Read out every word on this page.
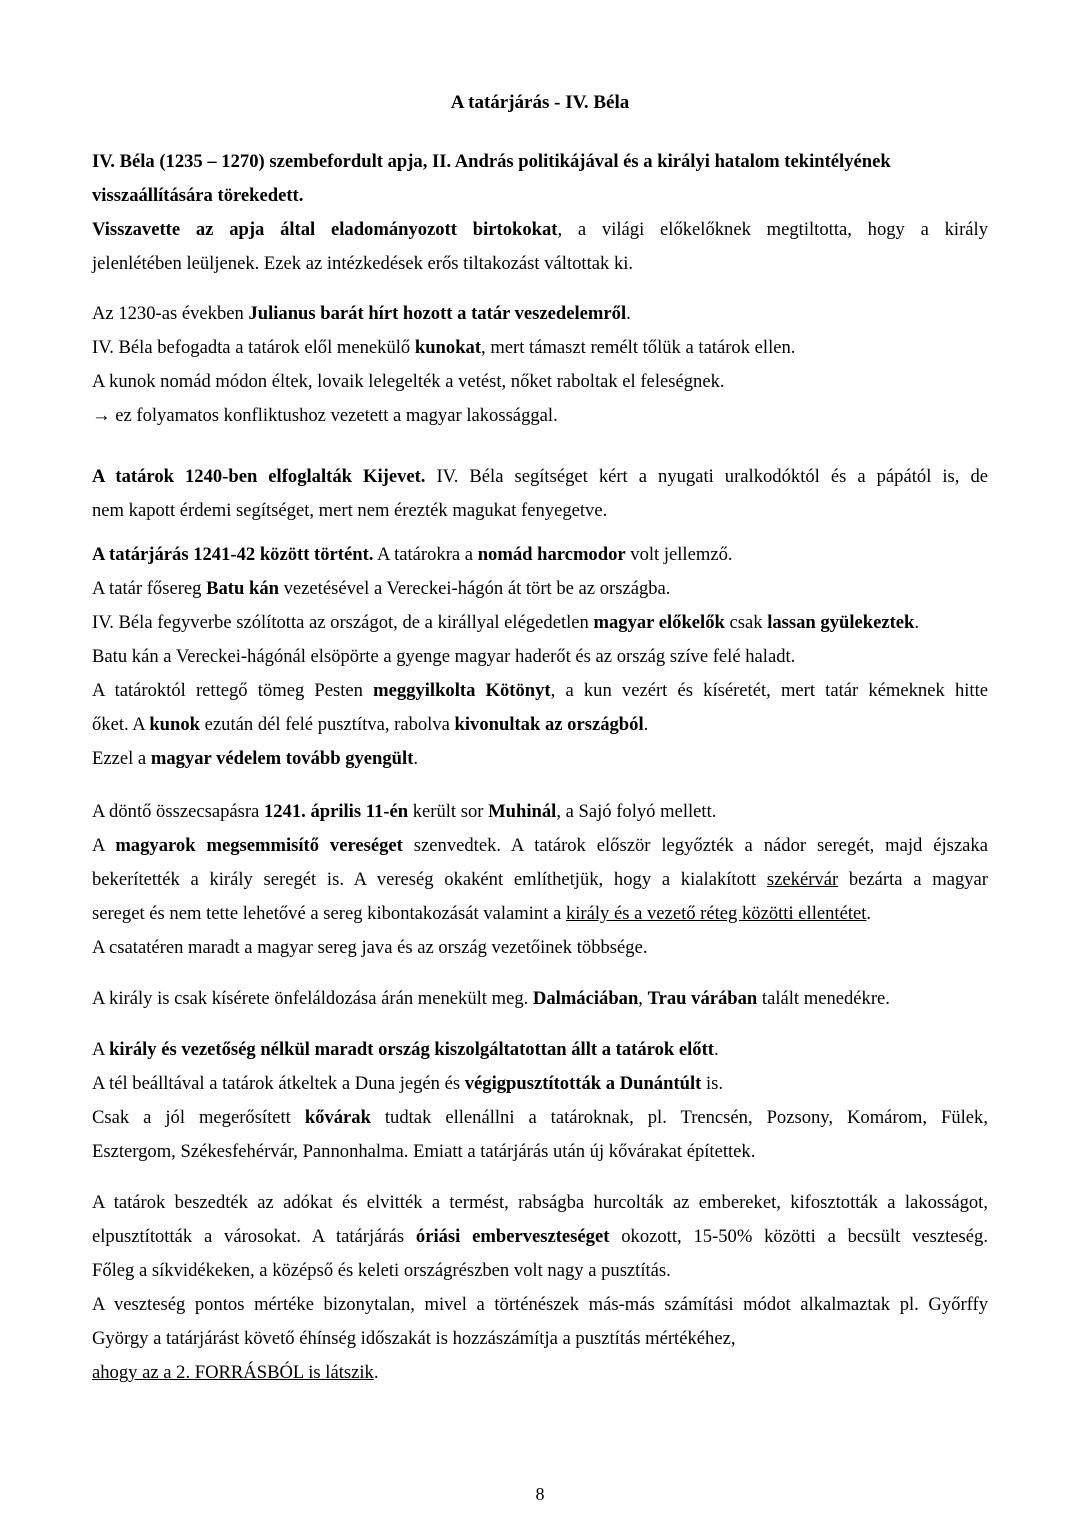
A tatárjárás - IV. Béla
IV. Béla (1235 – 1270) szembefordult apja, II. András politikájával és a királyi hatalom tekintélyének
visszaállítására törekedett.
Visszavette az apja által eladományozott birtokokat, a világi előkelőknek megtiltotta, hogy a király
jelenlétében leüljenek. Ezek az intézkedések erős tiltakozást váltottak ki.
Az 1230-as években Julianus barát hírt hozott a tatár veszedelemről.
IV. Béla befogadta a tatárok elől menekülő kunokat, mert támaszt remélt tőlük a tatárok ellen.
A kunok nomád módon éltek, lovaik lelegelték a vetést, nőket raboltak el feleségnek.
→ ez folyamatos konfliktushoz vezetett a magyar lakossággal.
A tatárok 1240-ben elfoglalták Kijevet. IV. Béla segítséget kért a nyugati uralkodóktól és a pápától is, de
nem kapott érdemi segítséget, mert nem érezték magukat fenyegetve.
A tatárjárás 1241-42 között történt. A tatárokra a nomád harcmodor volt jellemző.
A tatár fősereg Batu kán vezetésével a Vereckei-hágón át tört be az országba.
IV. Béla fegyverbe szólította az országot, de a királlyal elégedetlen magyar előkelők csak lassan gyülekeztek.
Batu kán a Vereckei-hágónál elsöpörte a gyenge magyar haderőt és az ország szíve felé haladt.
A tatároktól rettegő tömeg Pesten meggyilkolta Kötönyt, a kun vezért és kíséretét, mert tatár kémeknek hitte
őket. A kunok ezután dél felé pusztítva, rabolva kivonultak az országból.
Ezzel a magyar védelem tovább gyengült.
A döntő összecsapásra 1241. április 11-én került sor Muhinál, a Sajó folyó mellett.
A magyarok megsemmisítő vereséget szenvedtek. A tatárok először legyőzték a nádor seregét, majd éjszaka
bekerítették a király seregét is. A vereség okaként említhetjük, hogy a kialakított szekérvár bezárta a magyar
sereget és nem tette lehetővé a sereg kibontakozását valamint a király és a vezető réteg közötti ellentétet.
A csatatéren maradt a magyar sereg java és az ország vezetőinek többsége.
A király is csak kísérete önfeláldozása árán menekült meg. Dalmáciában, Trau várában talált menedékre.
A király és vezetőség nélkül maradt ország kiszolgáltatottan állt a tatárok előtt.
A tél beálltával a tatárok átkeltek a Duna jegén és végigpusztították a Dunántúlt is.
Csak a jól megerősített kővárak tudtak ellenállni a tatároknak, pl. Trencsén, Pozsony, Komárom, Fülek,
Esztergom, Székesfehérvár, Pannonhalma. Emiatt a tatárjárás után új kővárakat építettek.
A tatárok beszedték az adókat és elvitték a termést, rabságba hurcolták az embereket, kifosztották a lakosságot,
elpusztították a városokat. A tatárjárás óriási emberveszteséget okozott, 15-50% közötti a becsült veszteség.
Főleg a síkvidékeken, a középső és keleti országrészben volt nagy a pusztítás.
A veszteség pontos mértéke bizonytalan, mivel a történészek más-más számítási módot alkalmaztak pl. Győrffy
György a tatárjárást követő éhínség időszakát is hozzászámítja a pusztítás mértékéhez,
ahogy az a 2. FORRÁSBÓL is látszik.
8
